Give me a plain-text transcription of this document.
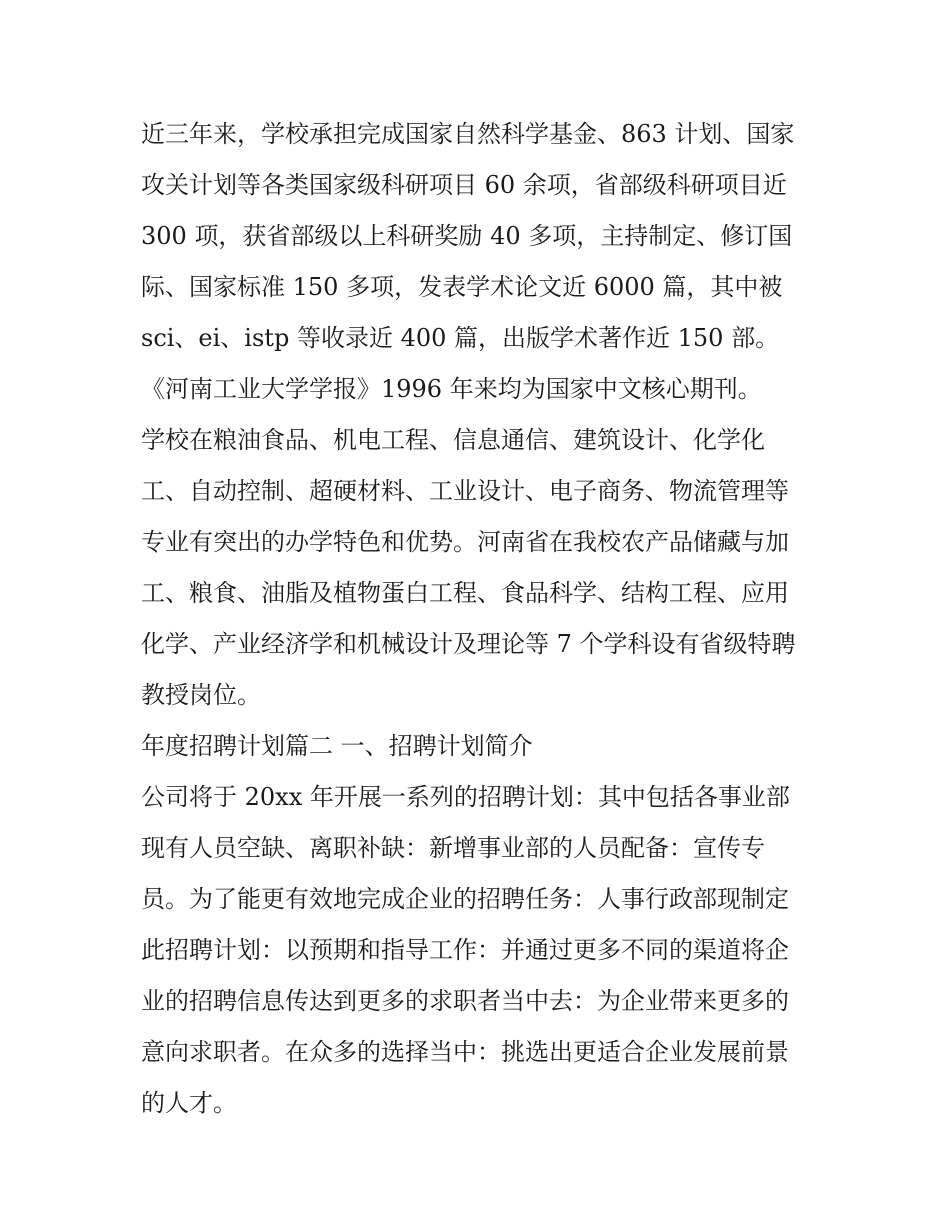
近三年来，学校承担完成国家自然科学基金、863 计划、国家
攻关计划等各类国家级科研项目 60 余项，省部级科研项目近
300 项，获省部级以上科研奖励 40 多项，主持制定、修订国
际、国家标准 150 多项，发表学术论文近 6000 篇，其中被
sci、ei、istp 等收录近 400 篇，出版学术著作近 150 部。
《河南工业大学学报》1996 年来均为国家中文核心期刊。
学校在粮油食品、机电工程、信息通信、建筑设计、化学化
工、自动控制、超硬材料、工业设计、电子商务、物流管理等
专业有突出的办学特色和优势。河南省在我校农产品储藏与加
工、粮食、油脂及植物蛋白工程、食品科学、结构工程、应用
化学、产业经济学和机械设计及理论等 7 个学科设有省级特聘
教授岗位。
年度招聘计划篇二 一、招聘计划简介
公司将于 20xx 年开展一系列的招聘计划：其中包括各事业部
现有人员空缺、离职补缺：新增事业部的人员配备：宣传专
员。为了能更有效地完成企业的招聘任务：人事行政部现制定
此招聘计划：以预期和指导工作：并通过更多不同的渠道将企
业的招聘信息传达到更多的求职者当中去：为企业带来更多的
意向求职者。在众多的选择当中：挑选出更适合企业发展前景
的人才。
